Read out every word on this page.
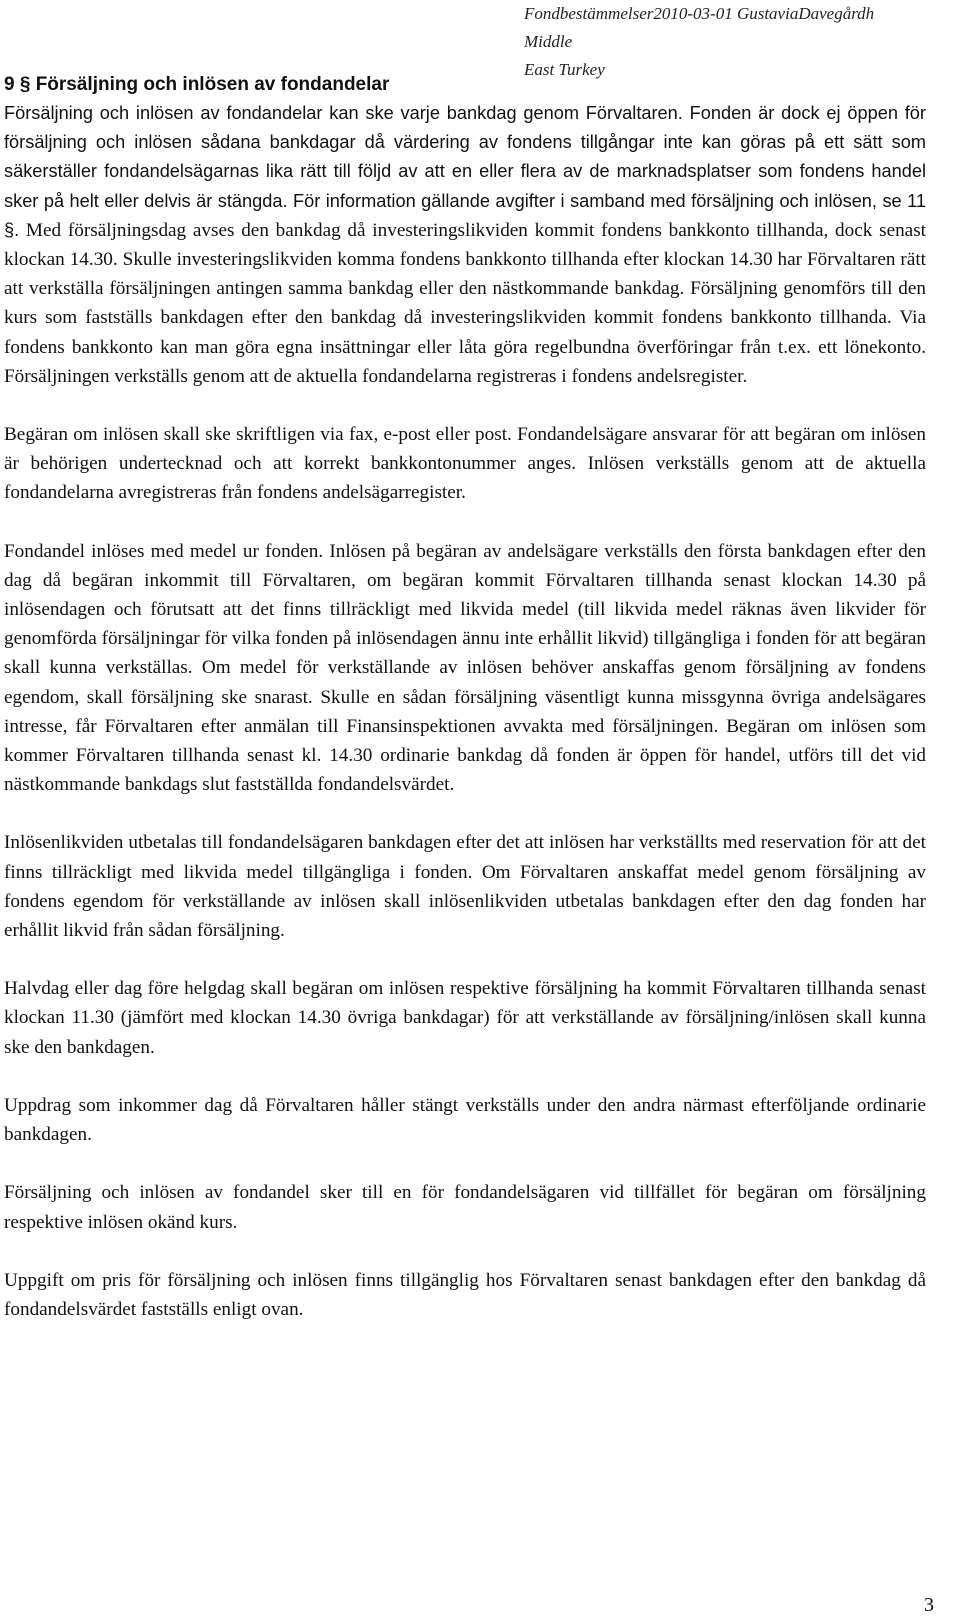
Fondbestämmelser2010-03-01 GustaviaDavegårdh Middle
East Turkey
9 § Försäljning och inlösen av fondandelar

Försäljning och inlösen av fondandelar kan ske varje bankdag genom Förvaltaren. Fonden är dock ej öppen för försäljning och inlösen sådana bankdagar då värdering av fondens tillgångar inte kan göras på ett sätt som säkerställer fondandelsägarnas lika rätt till följd av att en eller flera av de marknadsplatser som fondens handel sker på helt eller delvis är stängda. För information gällande avgifter i samband med försäljning och inlösen, se 11 §. Med försäljningsdag avses den bankdag då investeringslikviden kommit fondens bankkonto tillhanda, dock senast klockan 14.30. Skulle investeringslikviden komma fondens bankkonto tillhanda efter klockan 14.30 har Förvaltaren rätt att verkställa försäljningen antingen samma bankdag eller den nästkommande bankdag. Försäljning genomförs till den kurs som fastställs bankdagen efter den bankdag då investeringslikviden kommit fondens bankkonto tillhanda. Via fondens bankkonto kan man göra egna insättningar eller låta göra regelbundna överföringar från t.ex. ett lönekonto. Försäljningen verkställs genom att de aktuella fondandelarna registreras i fondens andelsregister.

Begäran om inlösen skall ske skriftligen via fax, e-post eller post. Fondandelsägare ansvarar för att begäran om inlösen är behörigen undertecknad och att korrekt bankkontonummer anges. Inlösen verkställs genom att de aktuella fondandelarna avregistreras från fondens andelsägarregister.

Fondandel inlöses med medel ur fonden. Inlösen på begäran av andelsägare verkställs den första bankdagen efter den dag då begäran inkommit till Förvaltaren, om begäran kommit Förvaltaren tillhanda senast klockan 14.30 på inlösendagen och förutsatt att det finns tillräckligt med likvida medel (till likvida medel räknas även likvider för genomförda försäljningar för vilka fonden på inlösendagen ännu inte erhållit likvid) tillgängliga i fonden för att begäran skall kunna verkställas. Om medel för verkställande av inlösen behöver anskaffas genom försäljning av fondens egendom, skall försäljning ske snarast. Skulle en sådan försäljning väsentligt kunna missgynna övriga andelsägares intresse, får Förvaltaren efter anmälan till Finansinspektionen avvakta med försäljningen. Begäran om inlösen som kommer Förvaltaren tillhanda senast kl. 14.30 ordinarie bankdag då fonden är öppen för handel, utförs till det vid nästkommande bankdags slut fastställda fondandelsvärdet.

Inlösenlikviden utbetalas till fondandelsägaren bankdagen efter det att inlösen har verkställts med reservation för att det finns tillräckligt med likvida medel tillgängliga i fonden. Om Förvaltaren anskaffat medel genom försäljning av fondens egendom för verkställande av inlösen skall inlösenlikviden utbetalas bankdagen efter den dag fonden har erhållit likvid från sådan försäljning.

Halvdag eller dag före helgdag skall begäran om inlösen respektive försäljning ha kommit Förvaltaren tillhanda senast klockan 11.30 (jämfört med klockan 14.30 övriga bankdagar) för att verkställande av försäljning/inlösen skall kunna ske den bankdagen.

Uppdrag som inkommer dag då Förvaltaren håller stängt verkställs under den andra närmast efterföljande ordinarie bankdagen.

Försäljning och inlösen av fondandel sker till en för fondandelsägaren vid tillfället för begäran om försäljning respektive inlösen okänd kurs.

Uppgift om pris för försäljning och inlösen finns tillgänglig hos Förvaltaren senast bankdagen efter den bankdag då fondandelsvärdet fastställs enligt ovan.

3
